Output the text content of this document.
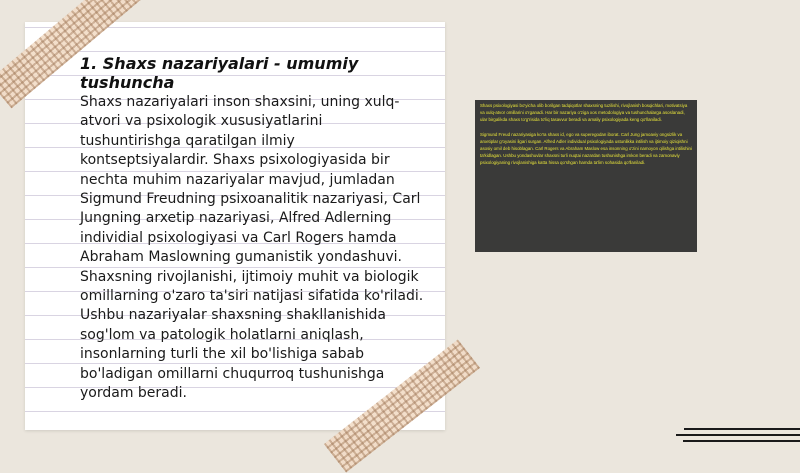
1. Shaxs nazariyalari - umumiy tushuncha

Shaxs nazariyalari inson shaxsini, uning xulq-atvori va psixologik xususiyatlarini tushuntirishga qaratilgan ilmiy kontseptsiyalardir. Shaxs psixologiyasida bir nechta muhim nazariyalar mavjud, jumladan Sigmund Freudning psixoanalitik nazariyasi, Carl Jungning arxetip nazariyasi, Alfred Adlerning individial psixologiyasi va Carl Rogers hamda Abraham Maslowning gumanistik yondashuvi. Shaxsning rivojlanishi, ijtimoiy muhit va biologik omillarning o'zaro ta'siri natijasi sifatida ko'riladi. Ushbu nazariyalar shaxsning shakllanishida sog'lom va patologik holatlarni aniqlash, insonlarning turli the xil bo'lishiga sabab bo'ladigan omillarni chuqurroq tushunishga yordam beradi.

Shaxs psixologiyasi bo'yicha olib borilgan tadqiqotlar shaxsning tuzilishi, rivojlanish bosqichlari, motivatsiya va xulq-atvor omillarini o'rganadi. Har bir nazariya o'ziga xos metodologiya va tushunchalarga asoslanadi, ular birgalikda shaxs to'g'risida to'liq tasavvur beradi va amaliy psixologiyada keng qo'llaniladi.

Sigmund Freud nazariyasiga ko'ra shaxs id, ego va superegodan iborat. Carl Jung jamoaviy ongsizlik va arxetiplar g'oyasini ilgari surgan. Alfred Adler individual psixologiyada ustunlikka intilish va ijtimoiy qiziqishni asosiy omil deb hisoblagan. Carl Rogers va Abraham Maslow esa insonning o'zini namoyon qilishga intilishini ta'kidlagan. Ushbu yondashuvlar shaxsni turli nuqtai nazardan tushunishga imkon beradi va zamonaviy psixologiyaning rivojlanishiga katta hissa qo'shgan hamda ta'lim sohasida qo'llaniladi.
